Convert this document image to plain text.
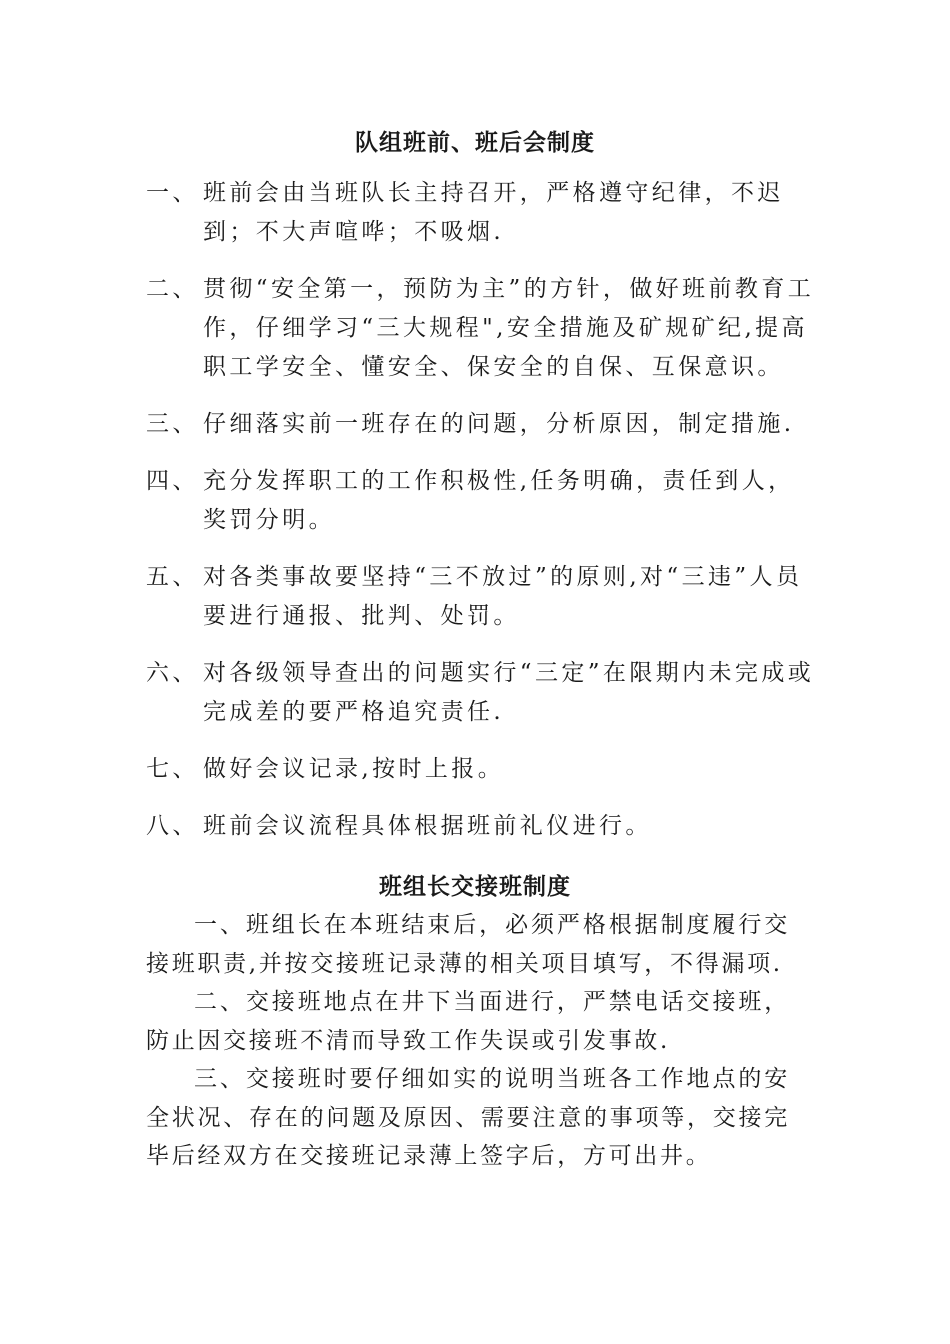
队组班前、班后会制度
一、 班前会由当班队长主持召开，严格遵守纪律，不迟到；不大声喧哗；不吸烟.
二、 贯彻“安全第一，预防为主”的方针，做好班前教育工作，仔细学习“三大规程",安全措施及矿规矿纪,提高职工学安全、懂安全、保安全的自保、互保意识。
三、 仔细落实前一班存在的问题，分析原因，制定措施.
四、 充分发挥职工的工作积极性,任务明确，责任到人，奖罚分明。
五、 对各类事故要坚持“三不放过”的原则,对“三违”人员要进行通报、批判、处罚。
六、 对各级领导查出的问题实行“三定”在限期内未完成或完成差的要严格追究责任.
七、 做好会议记录,按时上报。
八、 班前会议流程具体根据班前礼仪进行。
班组长交接班制度

一、班组长在本班结束后，必须严格根据制度履行交接班职责,并按交接班记录薄的相关项目填写，不得漏项.

二、交接班地点在井下当面进行，严禁电话交接班，防止因交接班不清而导致工作失误或引发事故.

三、交接班时要仔细如实的说明当班各工作地点的安全状况、存在的问题及原因、需要注意的事项等，交接完毕后经双方在交接班记录薄上签字后，方可出井。
